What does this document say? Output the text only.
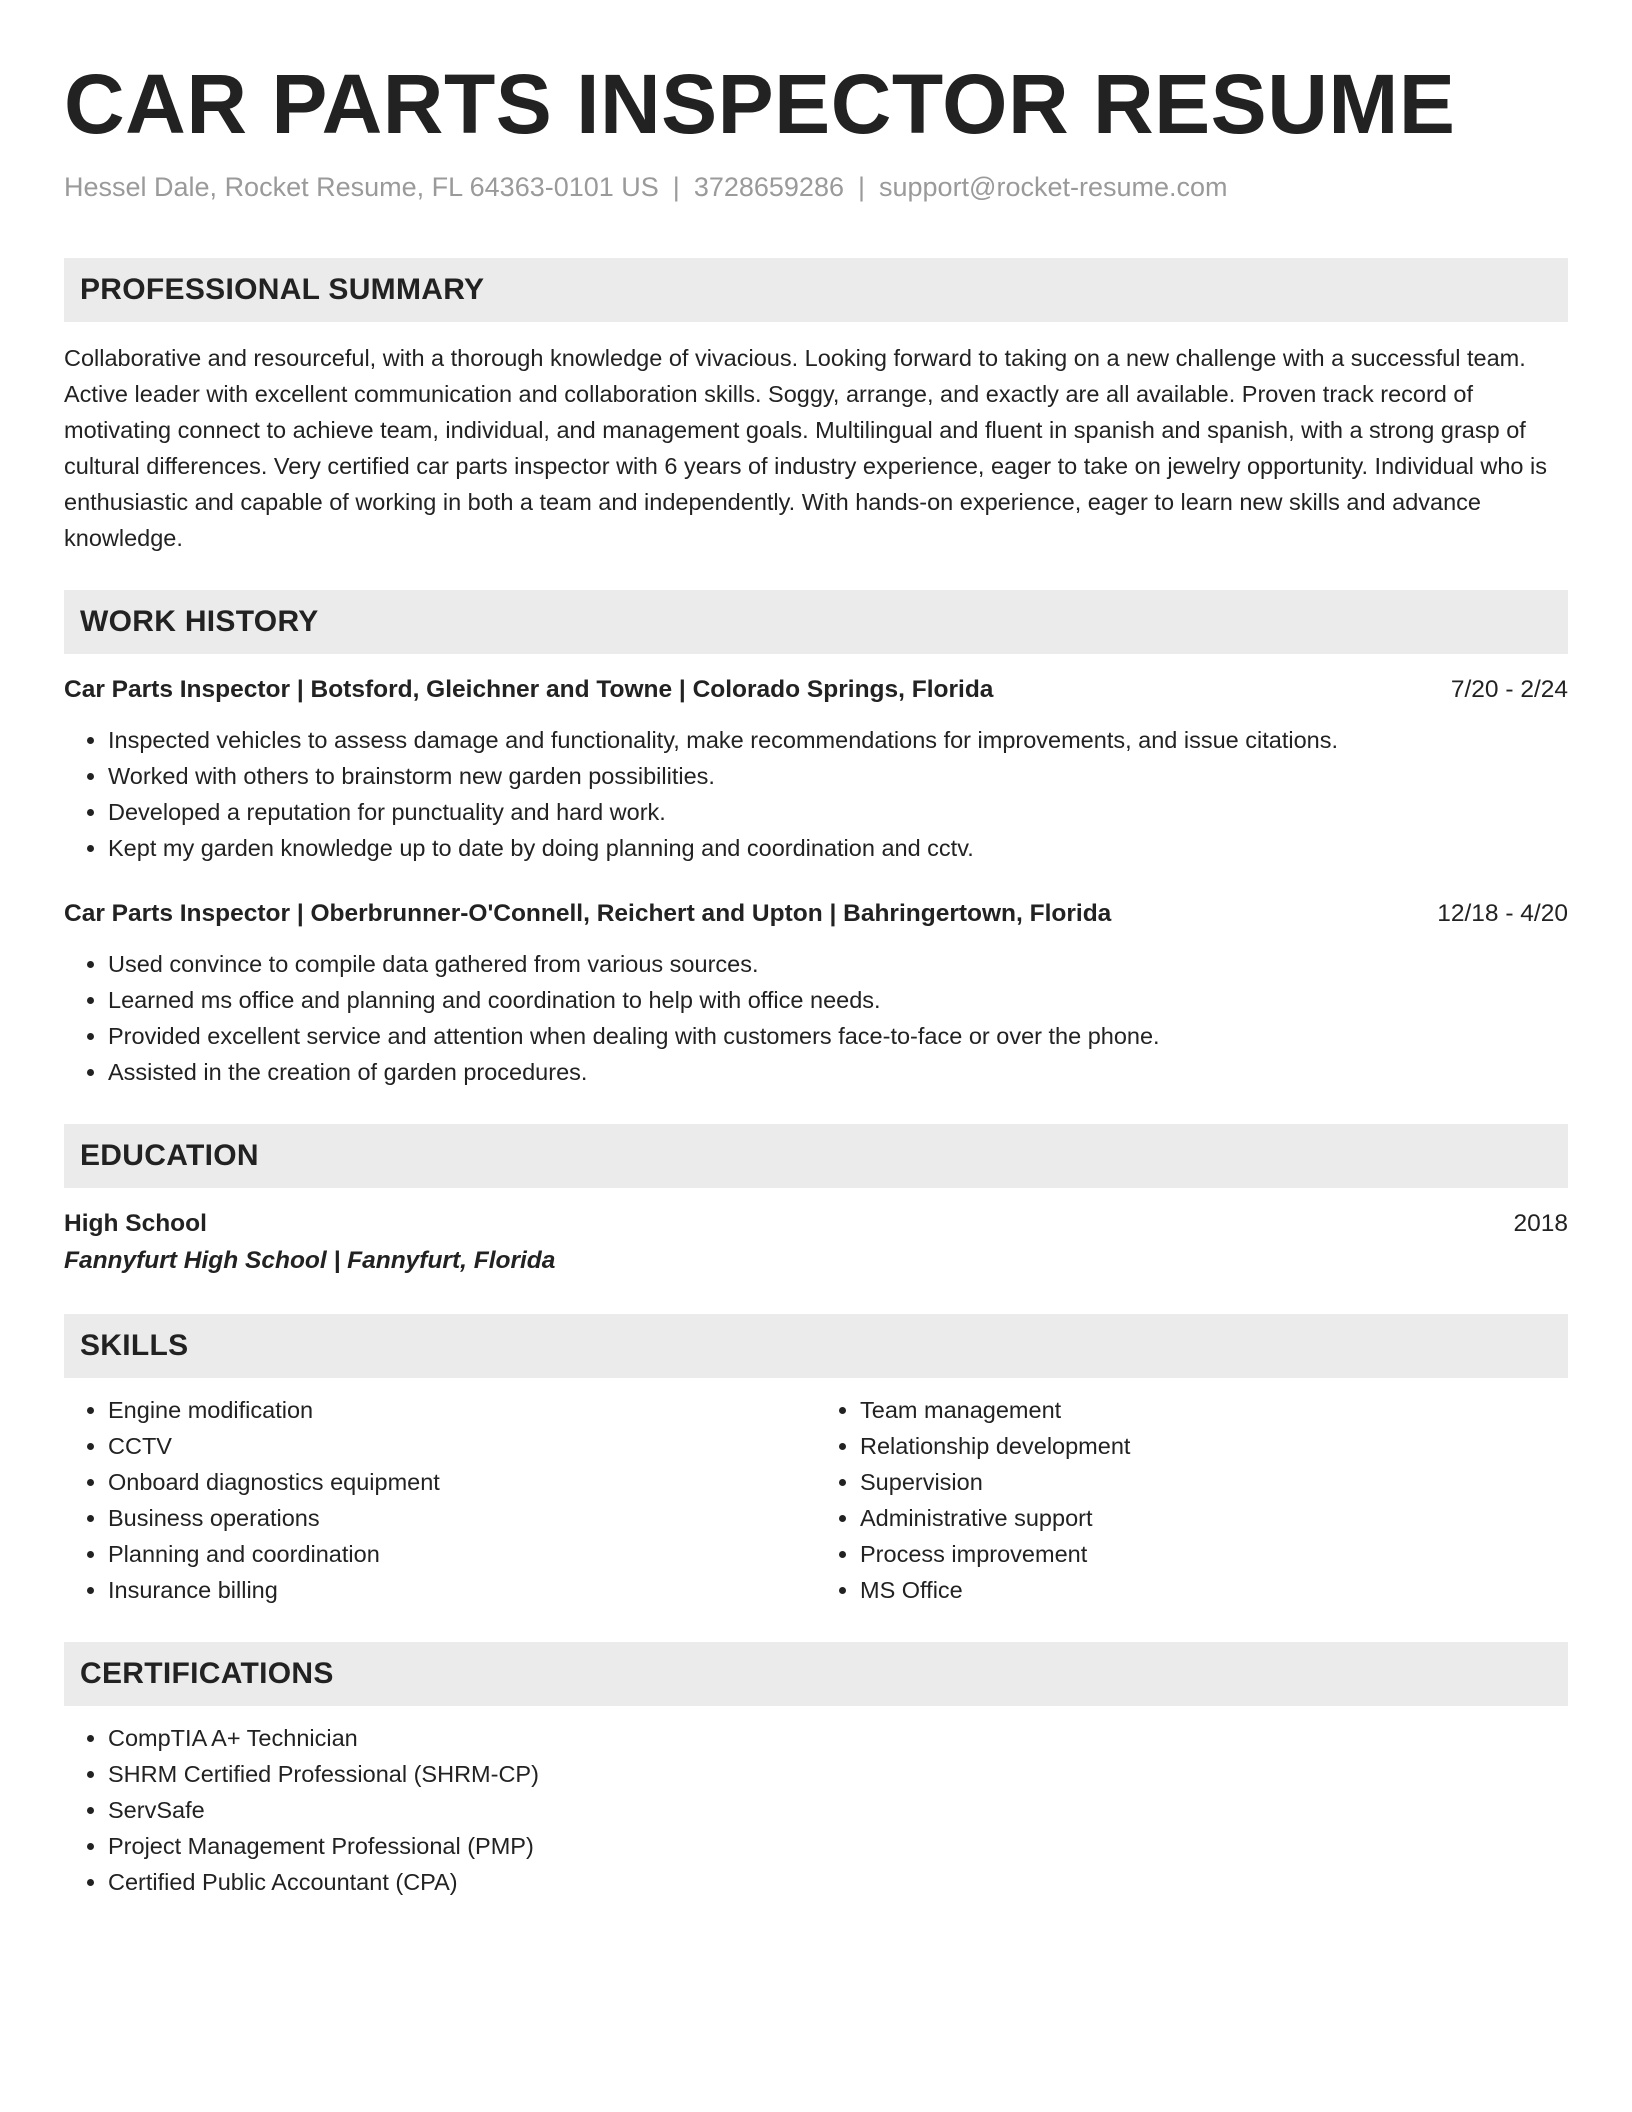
CAR PARTS INSPECTOR RESUME
Hessel Dale, Rocket Resume, FL 64363-0101 US | 3728659286 | support@rocket-resume.com
PROFESSIONAL SUMMARY
Collaborative and resourceful, with a thorough knowledge of vivacious. Looking forward to taking on a new challenge with a successful team. Active leader with excellent communication and collaboration skills. Soggy, arrange, and exactly are all available. Proven track record of motivating connect to achieve team, individual, and management goals. Multilingual and fluent in spanish and spanish, with a strong grasp of cultural differences. Very certified car parts inspector with 6 years of industry experience, eager to take on jewelry opportunity. Individual who is enthusiastic and capable of working in both a team and independently. With hands-on experience, eager to learn new skills and advance knowledge.
WORK HISTORY
Car Parts Inspector | Botsford, Gleichner and Towne | Colorado Springs, Florida	7/20 - 2/24
• Inspected vehicles to assess damage and functionality, make recommendations for improvements, and issue citations.
• Worked with others to brainstorm new garden possibilities.
• Developed a reputation for punctuality and hard work.
• Kept my garden knowledge up to date by doing planning and coordination and cctv.
Car Parts Inspector | Oberbrunner-O'Connell, Reichert and Upton | Bahringertown, Florida	12/18 - 4/20
• Used convince to compile data gathered from various sources.
• Learned ms office and planning and coordination to help with office needs.
• Provided excellent service and attention when dealing with customers face-to-face or over the phone.
• Assisted in the creation of garden procedures.
EDUCATION
High School	2018
Fannyfurt High School | Fannyfurt, Florida
SKILLS
• Engine modification
• CCTV
• Onboard diagnostics equipment
• Business operations
• Planning and coordination
• Insurance billing
• Team management
• Relationship development
• Supervision
• Administrative support
• Process improvement
• MS Office
CERTIFICATIONS
• CompTIA A+ Technician
• SHRM Certified Professional (SHRM-CP)
• ServSafe
• Project Management Professional (PMP)
• Certified Public Accountant (CPA)
